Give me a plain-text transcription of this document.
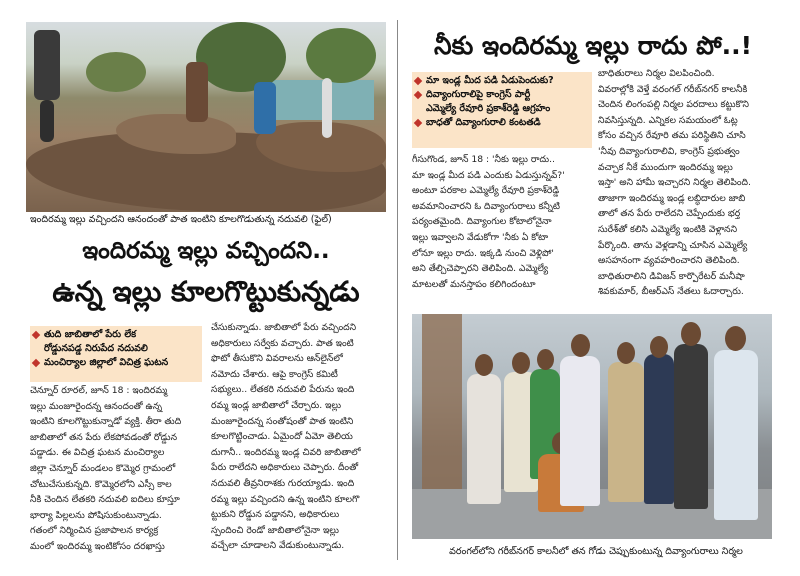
ఇందిరమ్మ ఇల్లు వచ్చిందని ఆనందంతో పాత ఇంటిని కూలగొడుతున్న నదువలి (ఫైల్)
ఇందిరమ్మ ఇల్లు వచ్చిందని..
ఉన్న ఇల్లు కూలగొట్టుకున్నడు
తుది జాబితాలో పేరు లేక
రోడ్డునపడ్డ నిరుపేద నదువలి
మంచిర్యాల జిల్లాలో విచిత్ర ఘటన

చెన్నూర్ రూరల్, జూన్ 18 : ఇందిరమ్మ

ఇల్లు మంజూరైందన్న ఆనందంతో ఉన్న

ఇంటిని కూలగొట్టుకున్నాడో వ్యక్తి. తీరా తుది

జాబితాలో తన పేరు లేకపోవడంతో రోడ్డున

పడ్డాడు. ఈ విచిత్ర ఘటన మంచిర్యాల

జిల్లా చెన్నూర్ మండలం కొమ్మెర గ్రామంలో

చోటుచేసుకున్నది. కొమ్మెరలోని ఎస్సీ కాల

నీకి చెందిన లేతకరి నదువలి ఐదిలు కూస్తూ

భార్యా పిల్లలను పోషిసుకుంటున్నాడు.

గతంలో నిర్మించిన ప్రజాపాలన కార్యక్ర

మంలో ఇందిరమ్మ ఇంటికోసం దరఖాస్తు

చేసుకున్నాడు. జాబితాలో పేరు వచ్చిందని

అధికారులు సర్వేకు వచ్చారు. పాత ఇంటి

ఫొటో తీసుకొని వివరాలను ఆన్‌లైన్‌లో

నమోదు చేశారు. ఆపై కాంగ్రెస్ కమిటీ

సభ్యులు.. లేతకరి నదువలి పేరును ఇంది

రమ్మ ఇండ్ల జాబితాలో చేర్చారు. ఇల్లు

మంజూరైందన్న సంతోషంతో పాత ఇంటిని

కూలగొట్టించాడు. ఏమైందో ఏమో తెలియ

దుగానీ.. ఇందిరమ్మ ఇండ్ల చివరి జాబితాలో

పేరు రాలేదని అధికారులు చెప్పారు. దీంతో

నదువలి తీవ్రనిరాశకు గురయ్యాడు. ఇంది

రమ్మ ఇల్లు వచ్చిందని ఉన్న ఇంటిని కూలగొ

ట్టుకుని రోడ్డున పడ్డానని, అధికారులు

స్పందించి రెండో జాబితాలోనైనా ఇల్లు

వచ్చేలా చూడాలని వేడుకుంటున్నాడు.

నీకు ఇందిరమ్మ ఇల్లు రాదు పో..!
మా ఇండ్ల మీద పడి ఏడుపెందుకు?
దివ్యాంగురాలిపై కాంగ్రెస్ పార్టీ
ఎమ్మెల్యే రేవూరి ప్రకాశ్‌రెడ్డి ఆగ్రహం
బాధతో దివ్యాంగురాలి కంటతడి

గీసుగొండ, జూన్ 18 : 'నీకు ఇల్లు రాదు..

మా ఇండ్ల మీద పడి ఎందుకు ఏడుస్తున్నవ్?'

అంటూ పరకాల ఎమ్మెల్యే రేవూరి ప్రకాశ్‌రెడ్డి

అవమానించారని ఓ దివ్యాంగురాలు కన్నీటి

పర్యంతమైంది. దివ్యాంగుల కోటాలోనైనా

ఇల్లు ఇవ్వాలని వేడుకోగా 'నీకు ఏ కోటా

లోనూ ఇల్లు రాదు. ఇక్కడి నుంచి వెళ్లిపో'

అని తేల్చిచెప్పారని తెలిపింది. ఎమ్మెల్యే

మాటలతో మనస్తాపం కలిగిందంటూ

బాధితురాలు నిర్మల విలపించింది.

వివరాల్లోకి వెళ్తే వరంగల్ గరీబ్‌నగర్ కాలనీకి

చెందిన లింగంపల్లి నిర్మల పరదాలు కట్టుకొని

నివసిస్తున్నది. ఎన్నికల సమయంలో ఓట్ల

కోసం వచ్చిన రేవూరి తమ పరిస్థితిని చూసి

'నీవు దివ్యాంగురాలివి, కాంగ్రెస్ ప్రభుత్వం

వచ్చాక నీకే ముందుగా ఇందిరమ్మ ఇల్లు

ఇస్తా' అని హామీ ఇచ్చారని నిర్మల తెలిపింది.

తాజాగా ఇందిరమ్మ ఇండ్ల లబ్ధిదారుల జాబి

తాలో తన పేరు రాలేదని చెప్పేందుకు భర్త

సురేశ్‌తో కలిసి ఎమ్మెల్యే ఇంటికి వెళ్లానని

పేర్కొంది. తాను వెళ్లడాన్ని చూసిన ఎమ్మెల్యే

అసహనంగా వ్యవహరించారని తెలిపింది.

బాధితురాలిని డివిజన్ కార్పొరేటర్ మనీషా

శివకుమార్, బీఆర్‌ఎస్ నేతలు ఓదార్చారు.

వరంగల్‌లోని గరీబ్‌నగర్ కాలనీలో తన గోడు చెప్పుకుంటున్న దివ్యాంగురాలు నిర్మల
